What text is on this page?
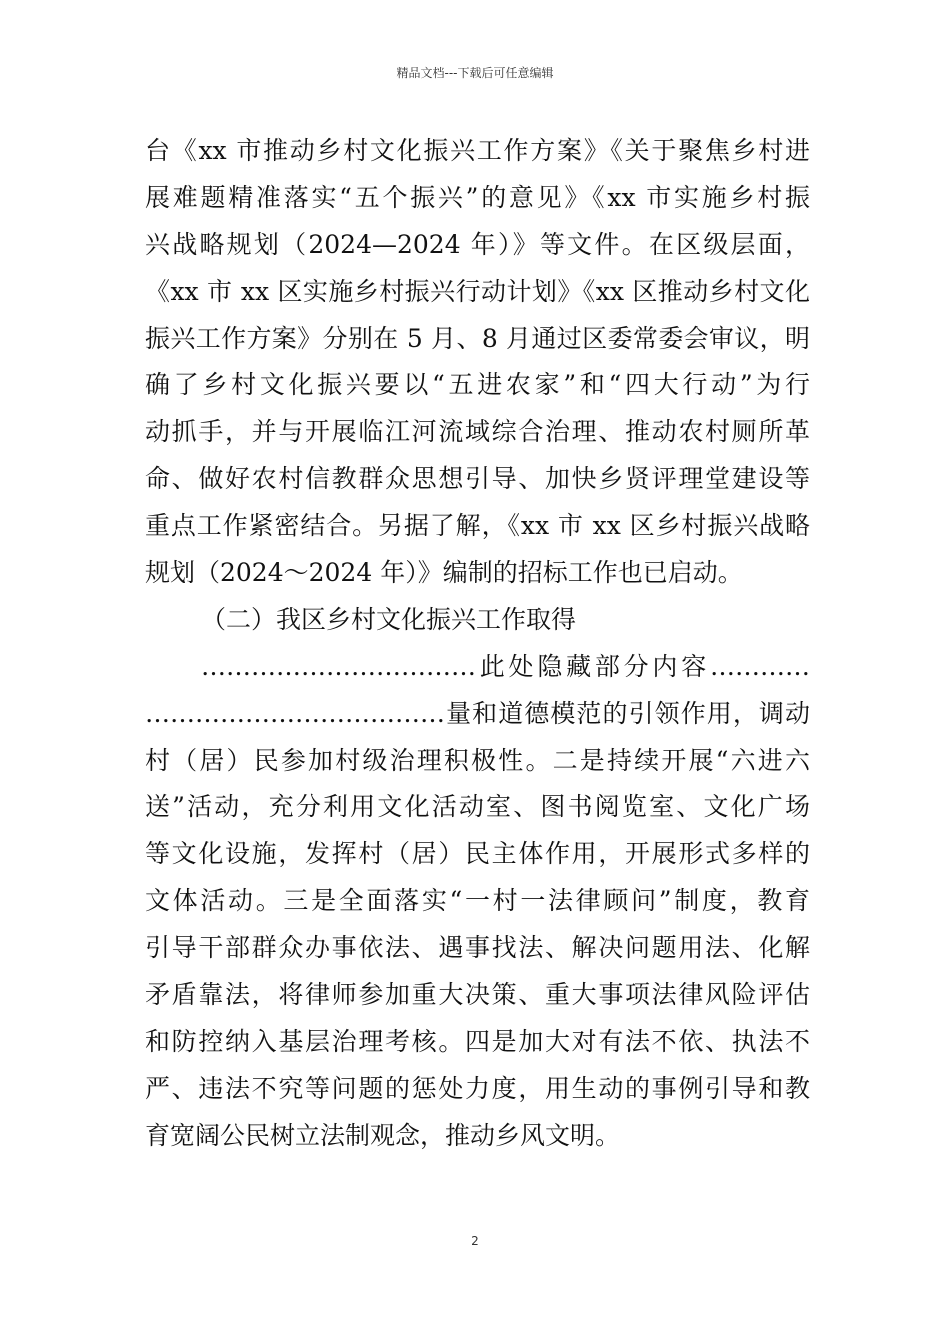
精品文档---下载后可任意编辑
台《xx 市推动乡村文化振兴工作方案》《关于聚焦乡村进
展难题精准落实“五个振兴”的意见》《xx 市实施乡村振
兴战略规划（2024—2024 年）》等文件。在区级层面，
《xx 市 xx 区实施乡村振兴行动计划》《xx 区推动乡村文化
振兴工作方案》分别在 5 月、8 月通过区委常委会审议，明
确了乡村文化振兴要以“五进农家”和“四大行动”为行
动抓手，并与开展临江河流域综合治理、推动农村厕所革
命、做好农村信教群众思想引导、加快乡贤评理堂建设等
重点工作紧密结合。另据了解，《xx 市 xx 区乡村振兴战略
规划（2024～2024 年）》编制的招标工作也已启动。
（二）我区乡村文化振兴工作取得
……………………………此处隐藏部分内容…………
………………………………量和道德模范的引领作用，调动
村（居）民参加村级治理积极性。二是持续开展“六进六
送”活动，充分利用文化活动室、图书阅览室、文化广场
等文化设施，发挥村（居）民主体作用，开展形式多样的
文体活动。三是全面落实“一村一法律顾问”制度，教育
引导干部群众办事依法、遇事找法、解决问题用法、化解
矛盾靠法，将律师参加重大决策、重大事项法律风险评估
和防控纳入基层治理考核。四是加大对有法不依、执法不
严、违法不究等问题的惩处力度，用生动的事例引导和教
育宽阔公民树立法制观念，推动乡风文明。
2
